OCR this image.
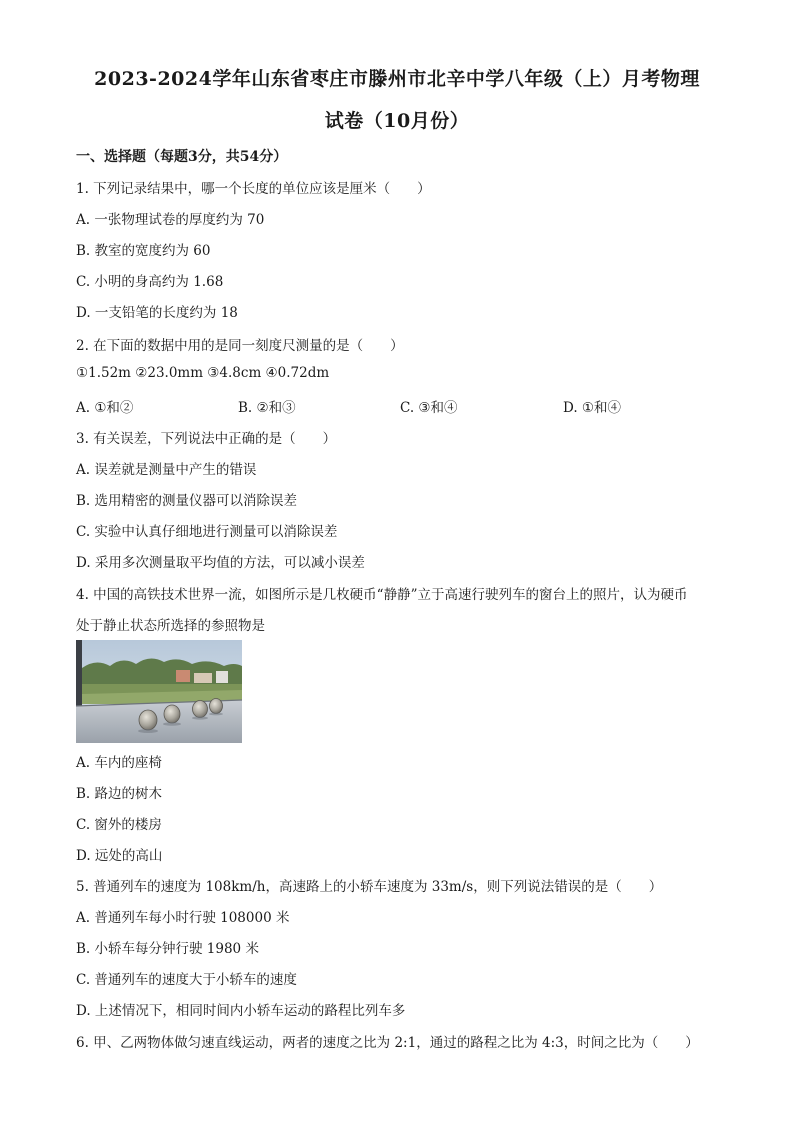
2023-2024学年山东省枣庄市滕州市北辛中学八年级（上）月考物理
试卷（10月份）
一、选择题（每题3分，共54分）
1. 下列记录结果中，哪一个长度的单位应该是厘米（　　）
A. 一张物理试卷的厚度约为 70
B. 教室的宽度约为 60
C. 小明的身高约为 1.68
D. 一支铅笔的长度约为 18
2. 在下面的数据中用的是同一刻度尺测量的是（　　）
①1.52m ②23.0mm ③4.8cm ④0.72dm
A. ①和②	B. ②和③	C. ③和④	D. ①和④
3. 有关误差，下列说法中正确的是（　　）
A. 误差就是测量中产生的错误
B. 选用精密的测量仪器可以消除误差
C. 实验中认真仔细地进行测量可以消除误差
D. 采用多次测量取平均值的方法，可以减小误差
4. 中国的高铁技术世界一流，如图所示是几枚硬币“静静”立于高速行驶列车的窗台上的照片，认为硬币
处于静止状态所选择的参照物是
A. 车内的座椅
B. 路边的树木
C. 窗外的楼房
D. 远处的高山
5. 普通列车的速度为 108km/h，高速路上的小轿车速度为 33m/s，则下列说法错误的是（　　）
A. 普通列车每小时行驶 108000 米
B. 小轿车每分钟行驶 1980 米
C. 普通列车的速度大于小轿车的速度
D. 上述情况下，相同时间内小轿车运动的路程比列车多
6. 甲、乙两物体做匀速直线运动，两者的速度之比为 2:1，通过的路程之比为 4:3，时间之比为（　　）
